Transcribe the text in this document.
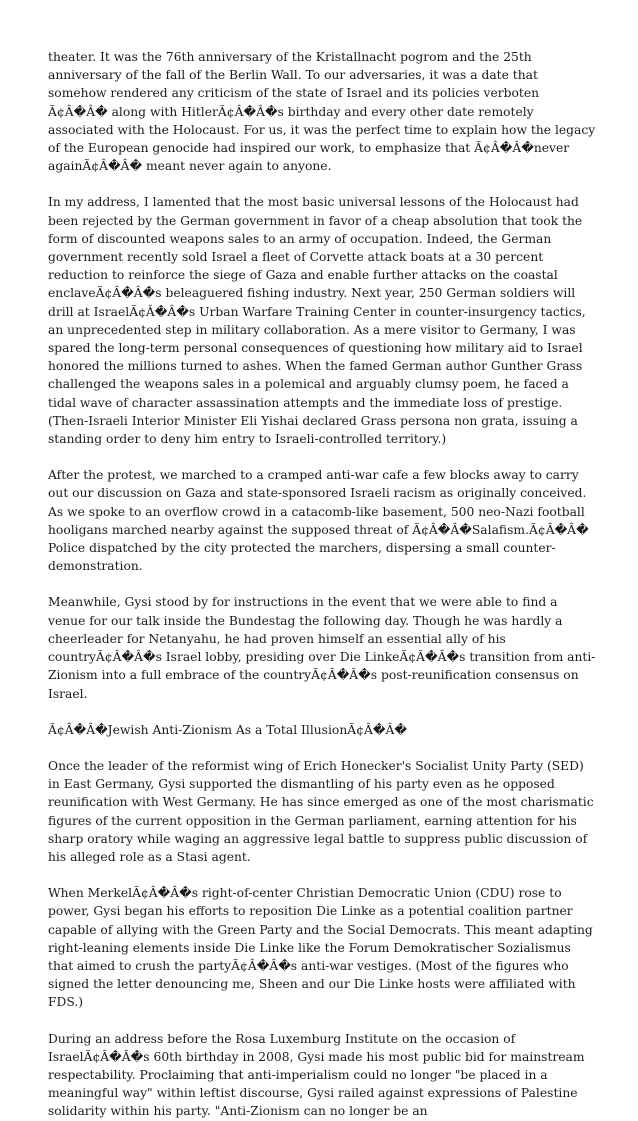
theater. It was the 76th anniversary of the Kristallnacht pogrom and the 25th anniversary of the fall of the Berlin Wall. To our adversaries, it was a date that somehow rendered any criticism of the state of Israel and its policies verboten Ã¢Â�Â� along with HitlerÃ¢Â�Â�s birthday and every other date remotely associated with the Holocaust. For us, it was the perfect time to explain how the legacy of the European genocide had inspired our work, to emphasize that Ã¢Â�Â�never againÃ¢Â�Â� meant never again to anyone.

In my address, I lamented that the most basic universal lessons of the Holocaust had been rejected by the German government in favor of a cheap absolution that took the form of discounted weapons sales to an army of occupation. Indeed, the German government recently sold Israel a fleet of Corvette attack boats at a 30 percent reduction to reinforce the siege of Gaza and enable further attacks on the coastal enclaveÃ¢Â�Â�s beleaguered fishing industry. Next year, 250 German soldiers will drill at IsraelÃ¢Â�Â�s Urban Warfare Training Center in counter-insurgency tactics, an unprecedented step in military collaboration. As a mere visitor to Germany, I was spared the long-term personal consequences of questioning how military aid to Israel honored the millions turned to ashes. When the famed German author Gunther Grass challenged the weapons sales in a polemical and arguably clumsy poem, he faced a tidal wave of character assassination attempts and the immediate loss of prestige. (Then-Israeli Interior Minister Eli Yishai declared Grass persona non grata, issuing a standing order to deny him entry to Israeli-controlled territory.)

After the protest, we marched to a cramped anti-war cafe a few blocks away to carry out our discussion on Gaza and state-sponsored Israeli racism as originally conceived. As we spoke to an overflow crowd in a catacomb-like basement, 500 neo-Nazi football hooligans marched nearby against the supposed threat of Ã¢Â�Â�Salafism.Ã¢Â�Â� Police dispatched by the city protected the marchers, dispersing a small counter-demonstration.

Meanwhile, Gysi stood by for instructions in the event that we were able to find a venue for our talk inside the Bundestag the following day. Though he was hardly a cheerleader for Netanyahu, he had proven himself an essential ally of his countryÃ¢Â�Â�s Israel lobby, presiding over Die LinkeÃ¢Â�Â�s transition from anti-Zionism into a full embrace of the countryÃ¢Â�Â�s post-reunification consensus on Israel.

Ã¢Â�Â�Jewish Anti-Zionism As a Total IllusionÃ¢Â�Â�

Once the leader of the reformist wing of Erich Honecker's Socialist Unity Party (SED) in East Germany, Gysi supported the dismantling of his party even as he opposed reunification with West Germany. He has since emerged as one of the most charismatic figures of the current opposition in the German parliament, earning attention for his sharp oratory while waging an aggressive legal battle to suppress public discussion of his alleged role as a Stasi agent.

When MerkelÃ¢Â�Â�s right-of-center Christian Democratic Union (CDU) rose to power, Gysi began his efforts to reposition Die Linke as a potential coalition partner capable of allying with the Green Party and the Social Democrats. This meant adapting right-leaning elements inside Die Linke like the Forum Demokratischer Sozialismus that aimed to crush the partyÃ¢Â�Â�s anti-war vestiges. (Most of the figures who signed the letter denouncing me, Sheen and our Die Linke hosts were affiliated with FDS.)

During an address before the Rosa Luxemburg Institute on the occasion of IsraelÃ¢Â�Â�s 60th birthday in 2008, Gysi made his most public bid for mainstream respectability. Proclaiming that anti-imperialism could no longer "be placed in a meaningful way" within leftist discourse, Gysi railed against expressions of Palestine solidarity within his party. "Anti-Zionism can no longer be an
